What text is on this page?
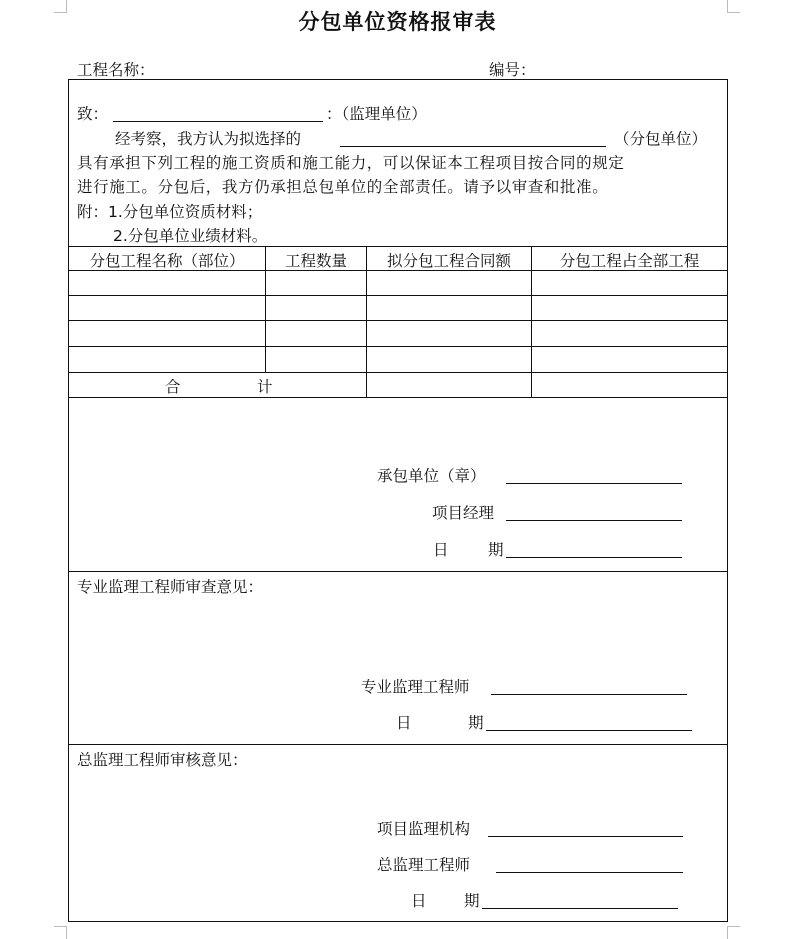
分包单位资格报审表
工程名称：	编号：
致：	：（监理单位）
经考察，我方认为拟选择的	（分包单位）
具有承担下列工程的施工资质和施工能力，可以保证本工程项目按合同的规定
进行施工。分包后，我方仍承担总包单位的全部责任。请予以审查和批准。
附：1.分包单位资质材料；
2.分包单位业绩材料。
分包工程名称（部位）	工程数量	拟分包工程合同额	分包工程占全部工程
合	计
承包单位（章）
项目经理
日	期
专业监理工程师审查意见：
专业监理工程师
日	期
总监理工程师审核意见：
项目监理机构
总监理工程师
日 期
